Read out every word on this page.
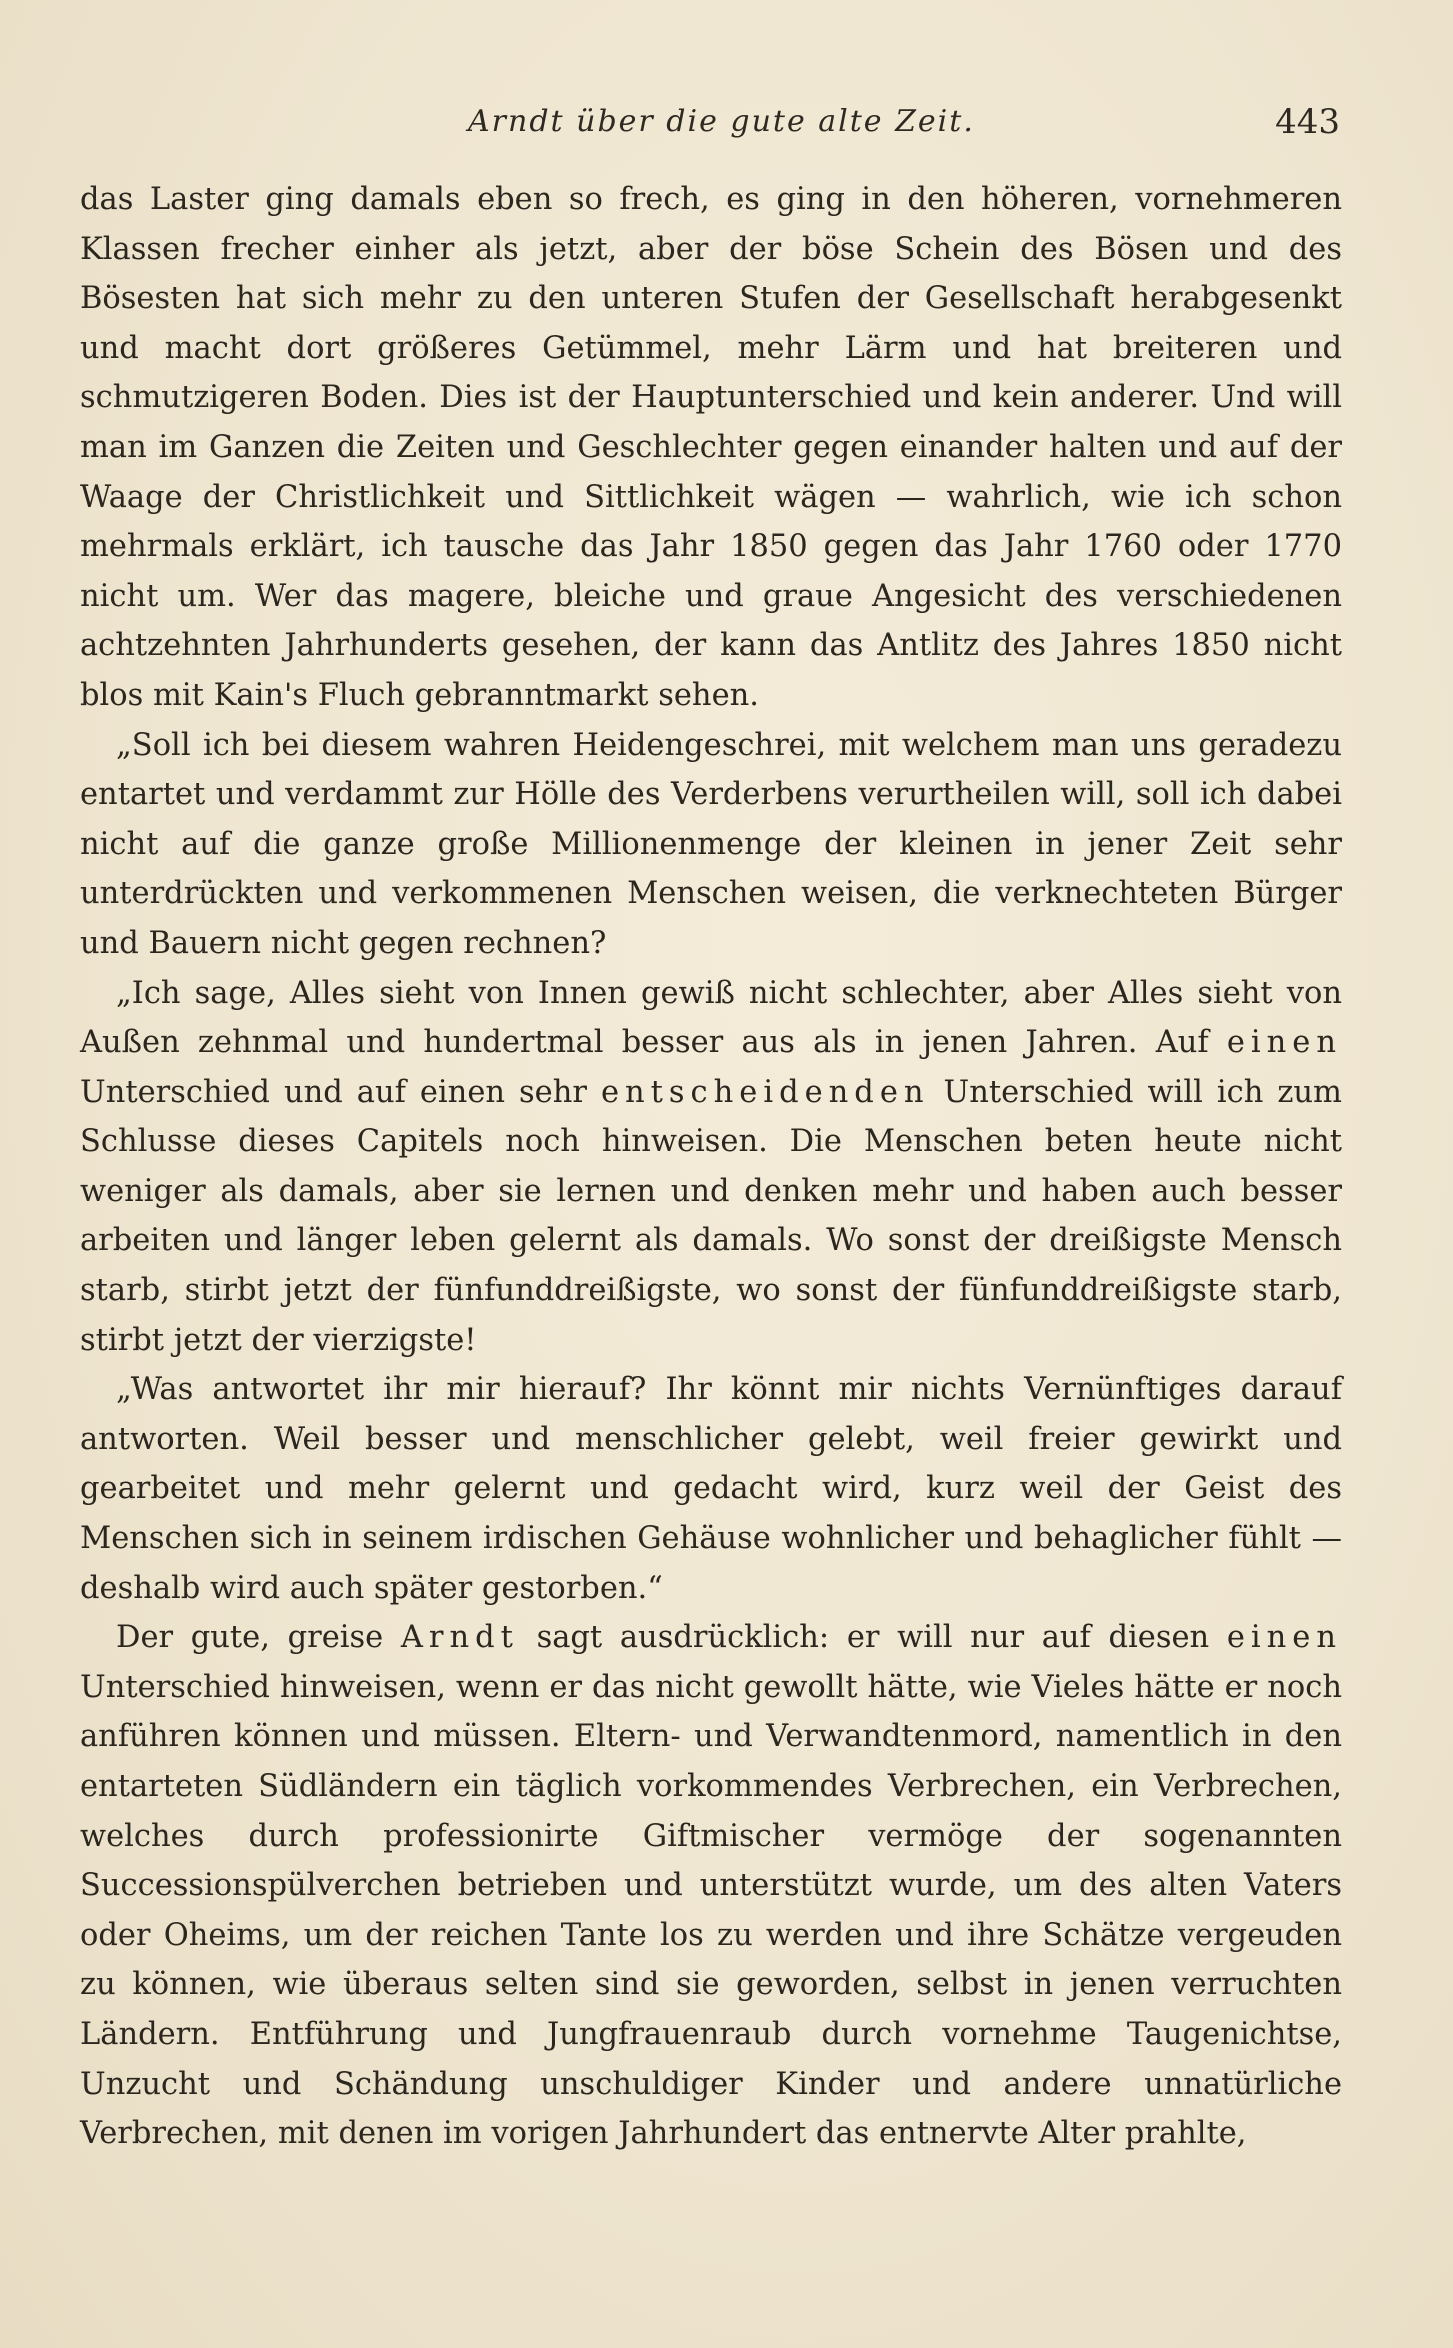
Arndt über die gute alte Zeit.	443

das Laster ging damals eben so frech, es ging in den höheren, vornehmeren Klassen frecher einher als jetzt, aber der böse Schein des Bösen und des Bösesten hat sich mehr zu den unteren Stufen der Gesellschaft herabgesenkt und macht dort größeres Getümmel, mehr Lärm und hat breiteren und schmutzigeren Boden. Dies ist der Hauptunterschied und kein anderer. Und will man im Ganzen die Zeiten und Geschlechter gegen einander halten und auf der Waage der Christlichkeit und Sittlichkeit wägen — wahrlich, wie ich schon mehrmals erklärt, ich tausche das Jahr 1850 gegen das Jahr 1760 oder 1770 nicht um. Wer das magere, bleiche und graue Angesicht des verschiedenen achtzehnten Jahrhunderts gesehen, der kann das Antlitz des Jahres 1850 nicht blos mit Kain's Fluch gebranntmarkt sehen.

„Soll ich bei diesem wahren Heidengeschrei, mit welchem man uns geradezu entartet und verdammt zur Hölle des Verderbens verurtheilen will, soll ich dabei nicht auf die ganze große Millionenmenge der kleinen in jener Zeit sehr unterdrückten und verkommenen Menschen weisen, die verknechteten Bürger und Bauern nicht gegen rechnen?

„Ich sage, Alles sieht von Innen gewiß nicht schlechter, aber Alles sieht von Außen zehnmal und hundertmal besser aus als in jenen Jahren. Auf einen Unterschied und auf einen sehr entscheidenden Unterschied will ich zum Schlusse dieses Capitels noch hinweisen. Die Menschen beten heute nicht weniger als damals, aber sie lernen und denken mehr und haben auch besser arbeiten und länger leben gelernt als damals. Wo sonst der dreißigste Mensch starb, stirbt jetzt der fünfunddreißigste, wo sonst der fünfunddreißigste starb, stirbt jetzt der vierzigste!

„Was antwortet ihr mir hierauf? Ihr könnt mir nichts Vernünftiges darauf antworten. Weil besser und menschlicher gelebt, weil freier gewirkt und gearbeitet und mehr gelernt und gedacht wird, kurz weil der Geist des Menschen sich in seinem irdischen Gehäuse wohnlicher und behaglicher fühlt — deshalb wird auch später gestorben.“

Der gute, greise Arndt sagt ausdrücklich: er will nur auf diesen einen Unterschied hinweisen, wenn er das nicht gewollt hätte, wie Vieles hätte er noch anführen können und müssen. Eltern- und Verwandtenmord, namentlich in den entarteten Südländern ein täglich vorkommendes Verbrechen, ein Verbrechen, welches durch professionirte Giftmischer vermöge der sogenannten Successionspülverchen betrieben und unterstützt wurde, um des alten Vaters oder Oheims, um der reichen Tante los zu werden und ihre Schätze vergeuden zu können, wie überaus selten sind sie geworden, selbst in jenen verruchten Ländern. Entführung und Jungfrauenraub durch vornehme Taugenichtse, Unzucht und Schändung unschuldiger Kinder und andere unnatürliche Verbrechen, mit denen im vorigen Jahrhundert das entnervte Alter prahlte,
